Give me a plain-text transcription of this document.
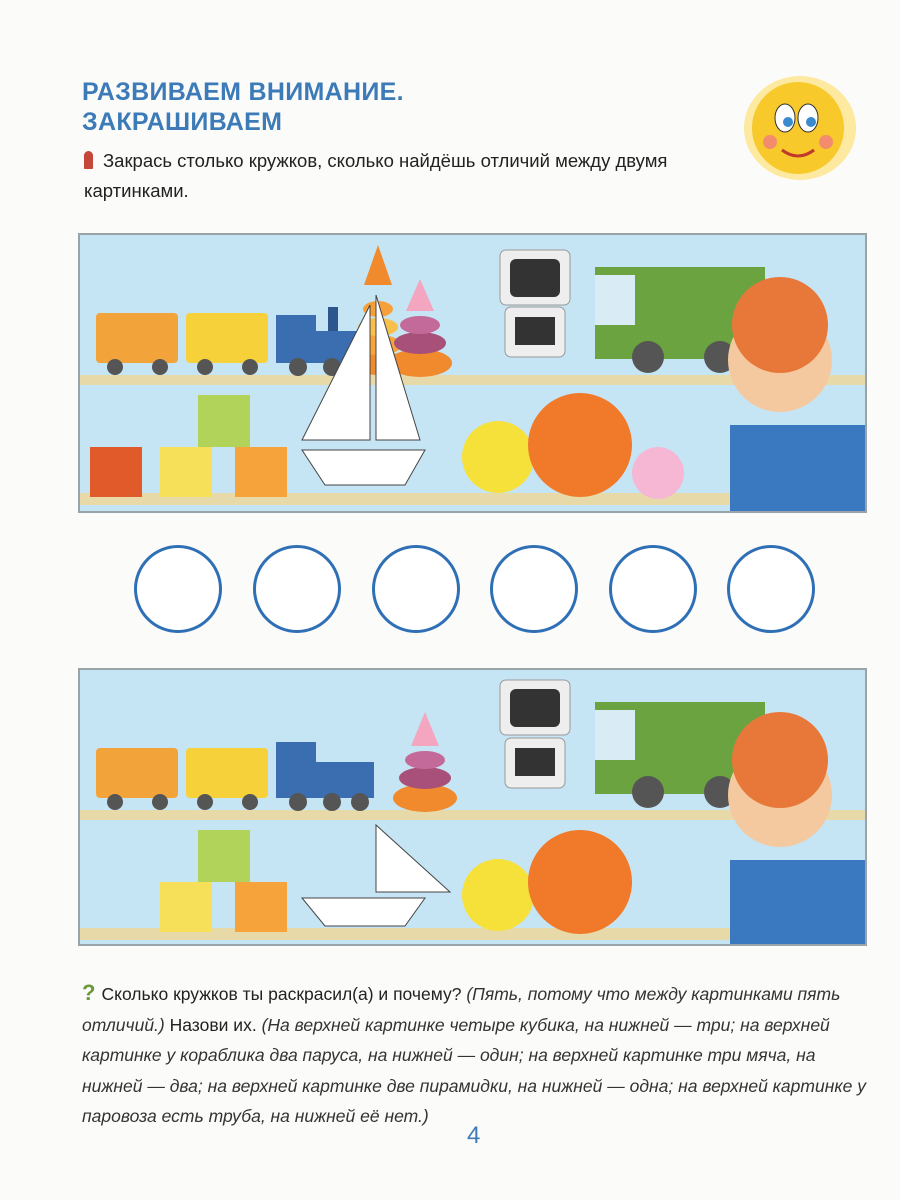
РАЗВИВАЕМ ВНИМАНИЕ.
ЗАКРАШИВАЕМ
Закрась столько кружков, сколько найдёшь отличий между двумя картинками.
? Сколько кружков ты раскрасил(а) и почему? (Пять, потому что между картинками пять отличий.) Назови их. (На верхней картинке четыре кубика, на нижней — три; на верхней картинке у кораблика два паруса, на нижней — один; на верхней картинке три мяча, на нижней — два; на верхней картинке две пирамидки, на нижней — одна; на верхней картинке у паровоза есть труба, на нижней её нет.)
4
